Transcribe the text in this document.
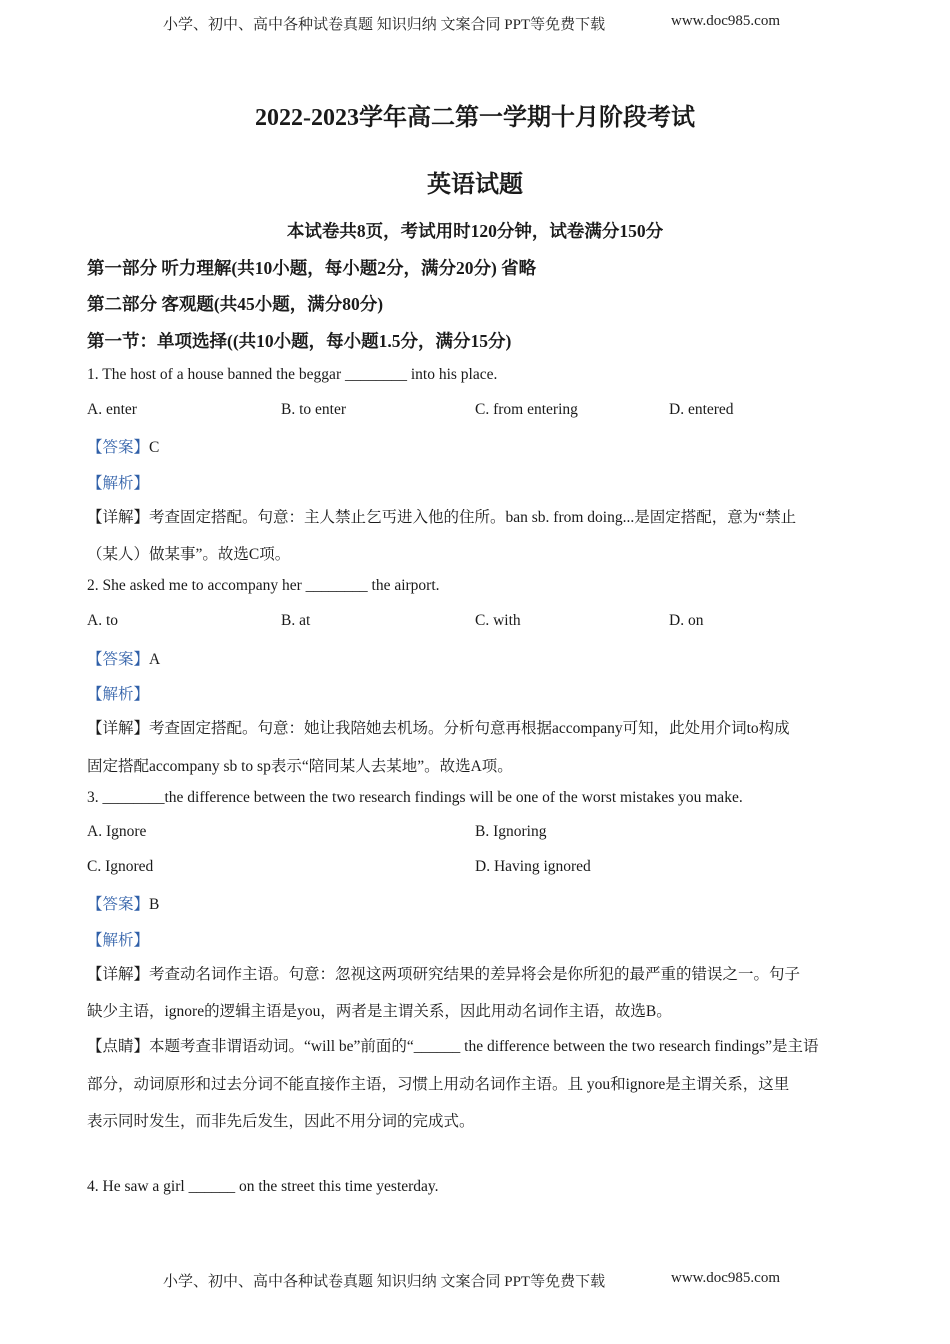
小学、初中、高中各种试卷真题 知识归纳 文案合同 PPT等免费下载	www.doc985.com
2022-2023学年高二第一学期十月阶段考试
英语试题
本试卷共8页，考试用时120分钟，试卷满分150分
第一部分 听力理解(共10小题，每小题2分，满分20分) 省略
第二部分 客观题(共45小题，满分80分)
第一节：单项选择((共10小题，每小题1.5分，满分15分)
1. The host of a house banned the beggar ________ into his place.
A. enter	B. to enter	C. from entering	D. entered
【答案】C
【解析】
【详解】考查固定搭配。句意：主人禁止乞丐进入他的住所。ban sb. from doing...是固定搭配，意为“禁止
（某人）做某事”。故选C项。
2. She asked me to accompany her ________ the airport.
A. to	B. at	C. with	D. on
【答案】A
【解析】
【详解】考查固定搭配。句意：她让我陪她去机场。分析句意再根据accompany可知，此处用介词to构成
固定搭配accompany sb to sp表示“陪同某人去某地”。故选A项。
3. ________the difference between the two research findings will be one of the worst mistakes you make.
A. Ignore	B. Ignoring
C. Ignored	D. Having ignored
【答案】B
【解析】
【详解】考查动名词作主语。句意：忽视这两项研究结果的差异将会是你所犯的最严重的错误之一。句子
缺少主语，ignore的逻辑主语是you，两者是主谓关系，因此用动名词作主语，故选B。
【点睛】本题考查非谓语动词。“will be”前面的“______ the difference between the two research findings”是主语
部分，动词原形和过去分词不能直接作主语，习惯上用动名词作主语。且 you和ignore是主谓关系，这里
表示同时发生，而非先后发生，因此不用分词的完成式。
4. He saw a girl ______ on the street this time yesterday.
小学、初中、高中各种试卷真题 知识归纳 文案合同 PPT等免费下载	www.doc985.com
